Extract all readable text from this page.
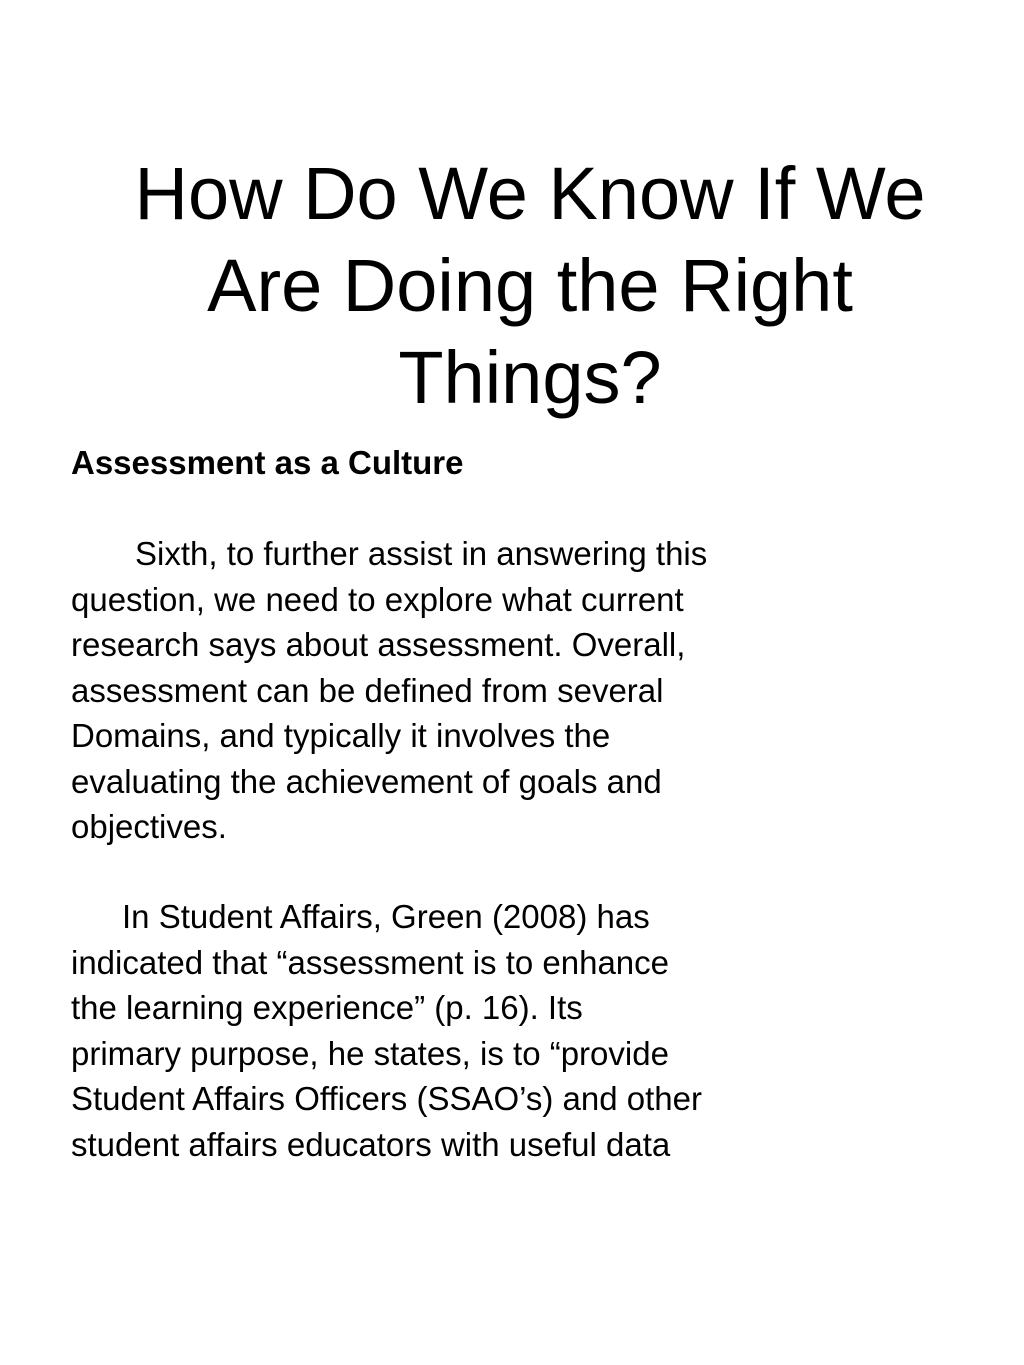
How Do We Know If We
Are Doing the Right
Things?
Assessment as a Culture
Sixth, to further assist in answering this
question, we need to explore what current
research says about assessment. Overall,
assessment can be defined from several
Domains, and typically it involves the
evaluating the achievement of goals and
objectives.
In Student Affairs, Green (2008) has
indicated that “assessment is to enhance
the learning experience” (p. 16). Its
primary purpose, he states, is to “provide
Student Affairs Officers (SSAO’s) and other
student affairs educators with useful data
